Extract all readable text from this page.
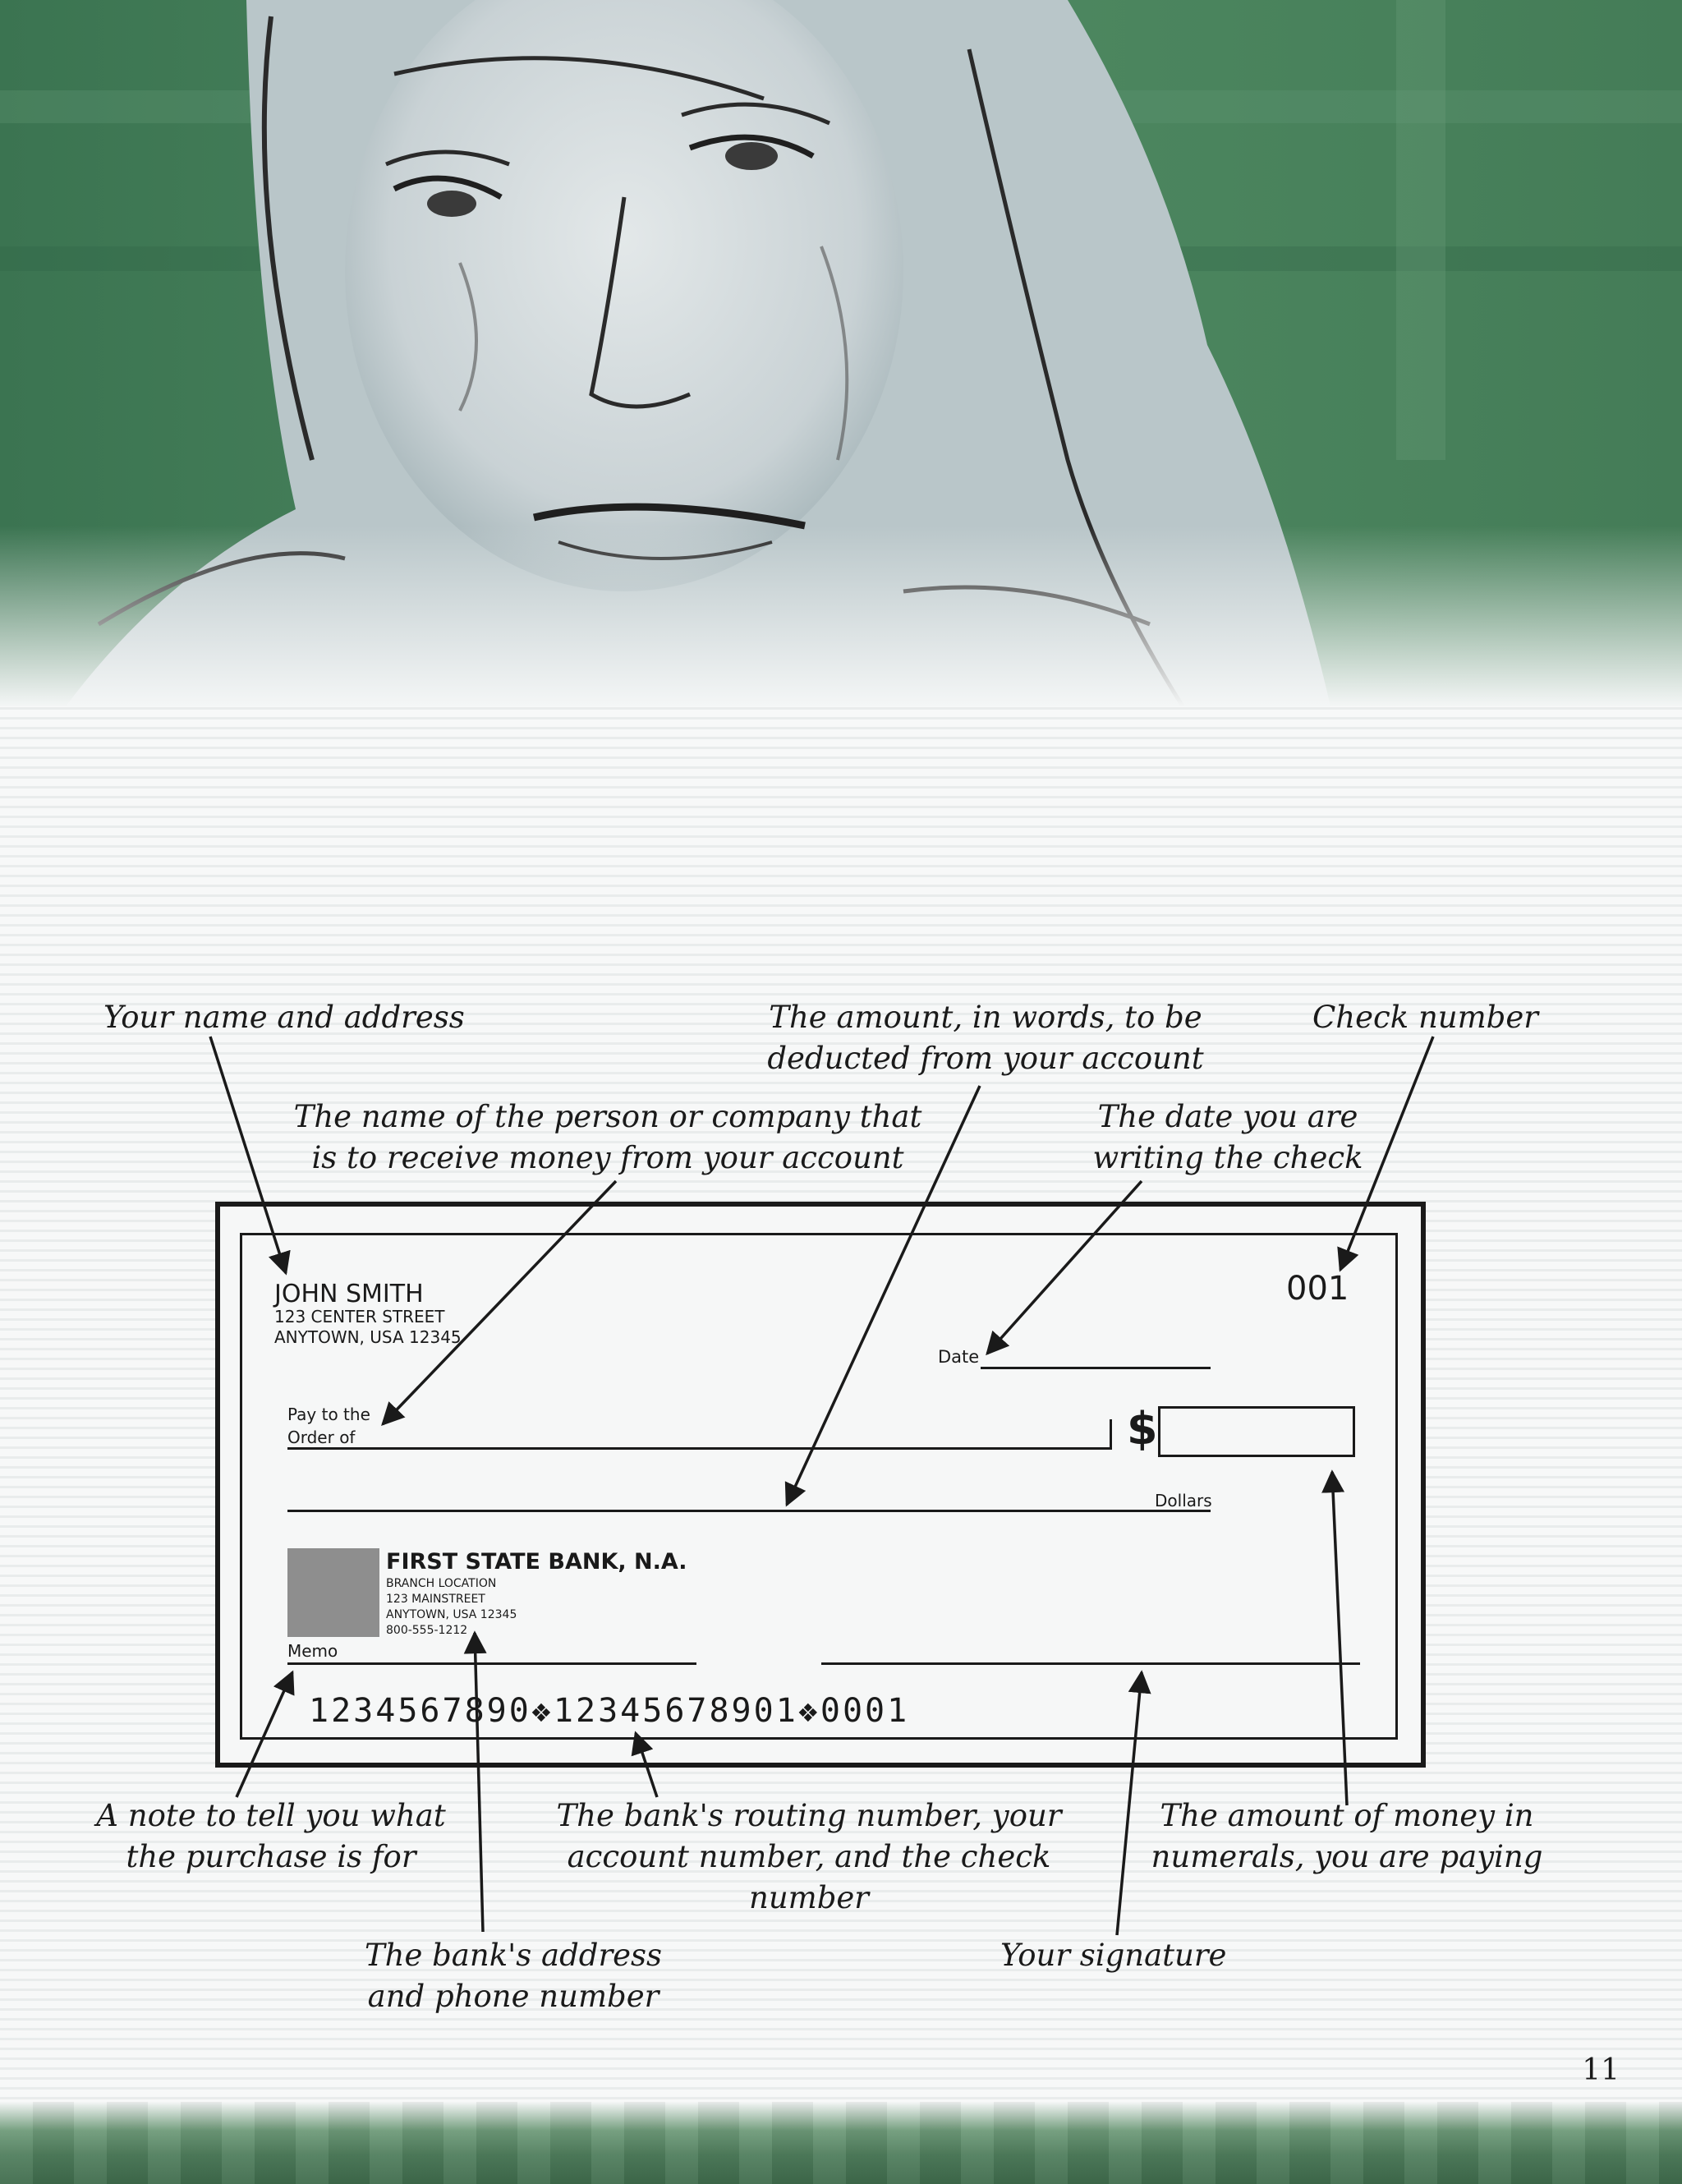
Your name and address	The amount, in words, to be
deducted from your account
Check number
The name of the person or company that
is to receive money from your account
The date you are
writing the check
A note to tell you what
the purchase is for
The bank's routing number, your
account number, and the check number
The amount of money in
numerals, you are paying
The bank's address
and phone number
Your signature
JOHN SMITH
123 CENTER STREET
ANYTOWN, USA 12345
001
Date
Pay to the
Order of	$
Dollars
FIRST STATE BANK, N.A.
BRANCH LOCATION
123 MAINSTREET
ANYTOWN, USA 12345
800-555-1212
Memo
1234567890❖12345678901❖0001
11
